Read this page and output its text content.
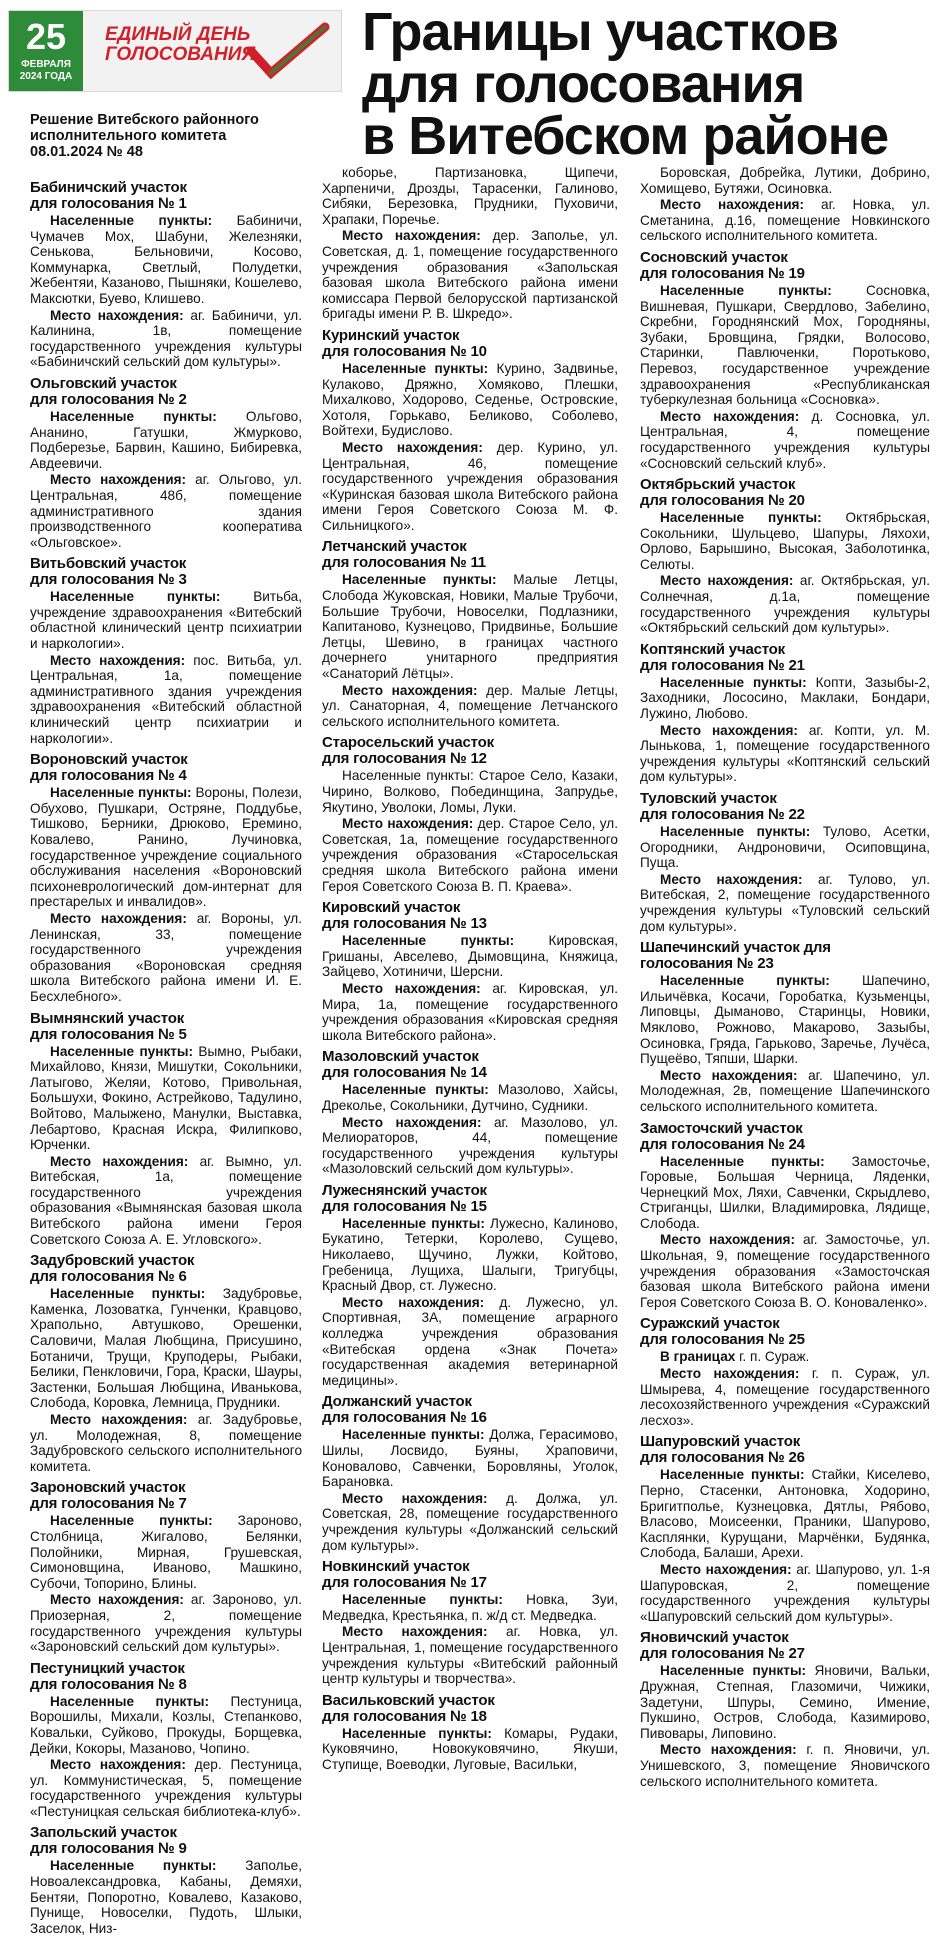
25
ФЕВРАЛЯ
2024 ГОДА
ЕДИНЫЙ ДЕНЬ
ГОЛОСОВАНИЯ	Границы участков
для голосования
в Витебском районе
Решение Витебского районного
исполнительного комитета
08.01.2024 № 48
Бабиничский участок
для голосования № 1

Населенные пункты: Бабиничи, Чумачев Мох, Шабуни, Железняки, Сенькова, Бельновичи, Косово, Коммунарка, Светлый, Полудетки, Жебентяи, Казаново, Пышняки, Кошелево, Максютки, Буево, Клишево.

Место нахождения: аг. Бабиничи, ул. Калинина, 1в, помещение государственного учреждения культуры «Бабиничский сельский дом культуры».

Ольговский участок
для голосования № 2

Населенные пункты: Ольгово, Ананино, Гатушки, Жмурково, Подберезье, Барвин, Кашино, Бибиревка, Авдеевичи.

Место нахождения: аг. Ольгово, ул. Центральная, 48б, помещение административного здания производственного кооператива «Ольговское».

Витьбовский участок
для голосования № 3

Населенные пункты: Витьба, учреждение здравоохранения «Витебский областной клинический центр психиатрии и наркологии».

Место нахождения: пос. Витьба, ул. Центральная, 1а, помещение административного здания учреждения здравоохранения «Витебский областной клинический центр психиатрии и наркологии».

Вороновский участок
для голосования № 4

Населенные пункты: Вороны, Полези, Обухово, Пушкари, Остряне, Поддубье, Тишково, Берники, Дрюково, Еремино, Ковалево, Ранино, Лучиновка, государственное учреждение социального обслуживания населения «Вороновский психоневрологический дом-интернат для престарелых и инвалидов».

Место нахождения: аг. Вороны, ул. Ленинская, 33, помещение государственного учреждения образования «Вороновская средняя школа Витебского района имени И. Е. Бесхлебного».

Вымнянский участок
для голосования № 5

Населенные пункты: Вымно, Рыбаки, Михайлово, Князи, Мишутки, Сокольники, Латыгово, Желяи, Котово, Привольная, Большухи, Фокино, Астрейково, Тадулино, Войтово, Малыжено, Манулки, Выставка, Лебартово, Красная Искра, Филипково, Юрченки.

Место нахождения: аг. Вымно, ул. Витебская, 1а, помещение государственного учреждения образования «Вымнянская базовая школа Витебского района имени Героя Советского Союза А. Е. Угловского».

Задубровский участок
для голосования № 6

Населенные пункты: Задубровье, Каменка, Лозоватка, Гунченки, Кравцово, Храпольно, Автушково, Орешенки, Саловичи, Малая Любщина, Присушино, Ботаничи, Трущи, Круподеры, Рыбаки, Белики, Пенкловичи, Гора, Краски, Шауры, Застенки, Большая Любщина, Иванькова, Слобода, Коровка, Лемница, Прудники.

Место нахождения: аг. Задубровье, ул. Молодежная, 8, помещение Задубровского сельского исполнительного комитета.

Зароновский участок
для голосования № 7

Населенные пункты: Зароново, Столбница, Жигалово, Белянки, Полойники, Мирная, Грушевская, Симоновщина, Иваново, Машкино, Субочи, Топорино, Блины.

Место нахождения: аг. Зароново, ул. Приозерная, 2, помещение государственного учреждения культуры «Зароновский сельский дом культуры».

Пестуницкий участок
для голосования № 8

Населенные пункты: Пестуница, Ворошилы, Михали, Козлы, Степанково, Ковальки, Суйково, Прокуды, Борщевка, Дейки, Кокоры, Мазаново, Чопино.

Место нахождения: дер. Пестуница, ул. Коммунистическая, 5, помещение государственного учреждения культуры «Пестуницкая сельская библиотека-клуб».

Запольский участок
для голосования № 9

Населенные пункты: Заполье, Новоалександровка, Кабаны, Демяхи, Бентяи, Попоротно, Ковалево, Казаково, Пунище, Новоселки, Пудоть, Шлыки, Заселок, Низ-

коборье, Партизановка, Щипечи, Харпеничи, Дрозды, Тарасенки, Галиново, Сибяки, Березовка, Прудники, Пуховичи, Храпаки, Поречье.

Место нахождения: дер. Заполье, ул. Советская, д. 1, помещение государственного учреждения образования «Запольская базовая школа Витебского района имени комиссара Первой белорусской партизанской бригады имени Р. В. Шкредо».

Куринский участок
для голосования № 10

Населенные пункты: Курино, Задвинье, Кулаково, Дряжно, Хомяково, Плешки, Михалково, Ходорово, Седенье, Островские, Хотоля, Горькаво, Беликово, Соболево, Войтехи, Будислово.

Место нахождения: дер. Курино, ул. Центральная, 46, помещение государственного учреждения образования «Куринская базовая школа Витебского района имени Героя Советского Союза М. Ф. Сильницкого».

Летчанский участок
для голосования № 11

Населенные пункты: Малые Летцы, Слобода Жуковская, Новики, Малые Трубочи, Большие Трубочи, Новоселки, Подлазники, Капитаново, Кузнецово, Придвинье, Большие Летцы, Шевино, в границах частного дочернего унитарного предприятия «Санаторий Лётцы».

Место нахождения: дер. Малые Летцы, ул. Санаторная, 4, помещение Летчанского сельского исполнительного комитета.

Старосельский участок
для голосования № 12

Населенные пункты: Старое Село, Казаки, Чирино, Волково, Побединщина, Запрудье, Якутино, Уволоки, Ломы, Луки.

Место нахождения: дер. Старое Село, ул. Советская, 1а, помещение государственного учреждения образования «Старосельская средняя школа Витебского района имени Героя Советского Союза В. П. Краева».

Кировский участок
для голосования № 13

Населенные пункты: Кировская, Гришаны, Авселево, Дымовщина, Княжица, Зайцево, Хотиничи, Шерсни.

Место нахождения: аг. Кировская, ул. Мира, 1а, помещение государственного учреждения образования «Кировская средняя школа Витебского района».

Мазоловский участок
для голосования № 14

Населенные пункты: Мазолово, Хайсы, Дреколье, Сокольники, Дутчино, Судники.

Место нахождения: аг. Мазолово, ул. Мелиораторов, 44, помещение государственного учреждения культуры «Мазоловский сельский дом культуры».

Лужеснянский участок
для голосования № 15

Населенные пункты: Лужесно, Калиново, Букатино, Тетерки, Королево, Сущево, Николаево, Щучино, Лужки, Койтово, Гребеница, Лущиха, Шалыги, Тригубцы, Красный Двор, ст. Лужесно.

Место нахождения: д. Лужесно, ул. Спортивная, 3А, помещение аграрного колледжа учреждения образования «Витебская ордена «Знак Почета» государственная академия ветеринарной медицины».

Должанский участок
для голосования № 16

Населенные пункты: Должа, Герасимово, Шилы, Лосвидо, Буяны, Храповичи, Коновалово, Савченки, Боровляны, Уголок, Барановка.

Место нахождения: д. Должа, ул. Советская, 28, помещение государственного учреждения культуры «Должанский сельский дом культуры».

Новкинский участок
для голосования № 17

Населенные пункты: Новка, Зуи, Медведка, Крестьянка, п. ж/д ст. Медведка.

Место нахождения: аг. Новка, ул. Центральная, 1, помещение государственного учреждения культуры «Витебский районный центр культуры и творчества».

Васильковский участок
для голосования № 18

Населенные пункты: Комары, Рудаки, Куковячино, Новокуковячино, Якуши, Ступище, Воеводки, Луговые, Васильки,

Боровская, Добрейка, Лутики, Добрино, Хомищево, Бутяжи, Осиновка.

Место нахождения: аг. Новка, ул. Сметанина, д.16, помещение Новкинского сельского исполнительного комитета.

Сосновский участок
для голосования № 19

Населенные пункты: Сосновка, Вишневая, Пушкари, Свердлово, Забелино, Скребни, Городнянский Мох, Городняны, Зубаки, Бровщина, Грядки, Волосово, Старинки, Павлюченки, Поротьково, Перевоз, государственное учреждение здравоохранения «Республиканская туберкулезная больница «Сосновка».

Место нахождения: д. Сосновка, ул. Центральная, 4, помещение государственного учреждения культуры «Сосновский сельский клуб».

Октябрьский участок
для голосования № 20

Населенные пункты: Октябрьская, Сокольники, Шульцево, Шапуры, Ляхохи, Орлово, Барышино, Высокая, Заболотинка, Селюты.

Место нахождения: аг. Октябрьская, ул. Солнечная, д.1а, помещение государственного учреждения культуры «Октябрьский сельский дом культуры».

Коптянский участок
для голосования № 21

Населенные пункты: Копти, Зазыбы-2, Заходники, Лососино, Маклаки, Бондари, Лужино, Любово.

Место нахождения: аг. Копти, ул. М. Лынькова, 1, помещение государственного учреждения культуры «Коптянский сельский дом культуры».

Туловский участок
для голосования № 22

Населенные пункты: Тулово, Асетки, Огородники, Андроновичи, Осиповщина, Пуща.

Место нахождения: аг. Тулово, ул. Витебская, 2, помещение государственного учреждения культуры «Туловский сельский дом культуры».

Шапечинский участок для
голосования № 23

Населенные пункты: Шапечино, Ильичёвка, Косачи, Горобатка, Кузьменцы, Липовцы, Дыманово, Старинцы, Новики, Мяклово, Рожново, Макарово, Зазыбы, Осиновка, Гряда, Гарьково, Заречье, Лучёса, Пущеёво, Тяпши, Шарки.

Место нахождения: аг. Шапечино, ул. Молодежная, 2в, помещение Шапечинского сельского исполнительного комитета.

Замосточский участок
для голосования № 24

Населенные пункты: Замосточье, Горовые, Большая Черница, Ляденки, Чернецкий Мох, Ляхи, Савченки, Скрыдлево, Стриганцы, Шилки, Владимировка, Лядище, Слобода.

Место нахождения: аг. Замосточье, ул. Школьная, 9, помещение государственного учреждения образования «Замосточская базовая школа Витебского района имени Героя Советского Союза В. О. Коноваленко».

Суражский участок
для голосования № 25

В границах г. п. Сураж.

Место нахождения: г. п. Сураж, ул. Шмырева, 4, помещение государственного лесохозяйственного учреждения «Суражский лесхоз».

Шапуровский участок
для голосования № 26

Населенные пункты: Стайки, Киселево, Перно, Стасенки, Антоновка, Ходорино, Бригитполье, Кузнецовка, Дятлы, Рябово, Власово, Моисеенки, Праники, Шапурово, Касплянки, Курущани, Марчёнки, Будянка, Слобода, Балаши, Арехи.

Место нахождения: аг. Шапурово, ул. 1-я Шапуровская, 2, помещение государственного учреждения культуры «Шапуровский сельский дом культуры».

Яновичский участок
для голосования № 27

Населенные пункты: Яновичи, Вальки, Дружная, Степная, Глазомичи, Чижики, Задетуни, Шпуры, Семино, Имение, Пукшино, Остров, Слобода, Казимирово, Пивовары, Липовино.

Место нахождения: г. п. Яновичи, ул. Унишевского, 3, помещение Яновичского сельского исполнительного комитета.
